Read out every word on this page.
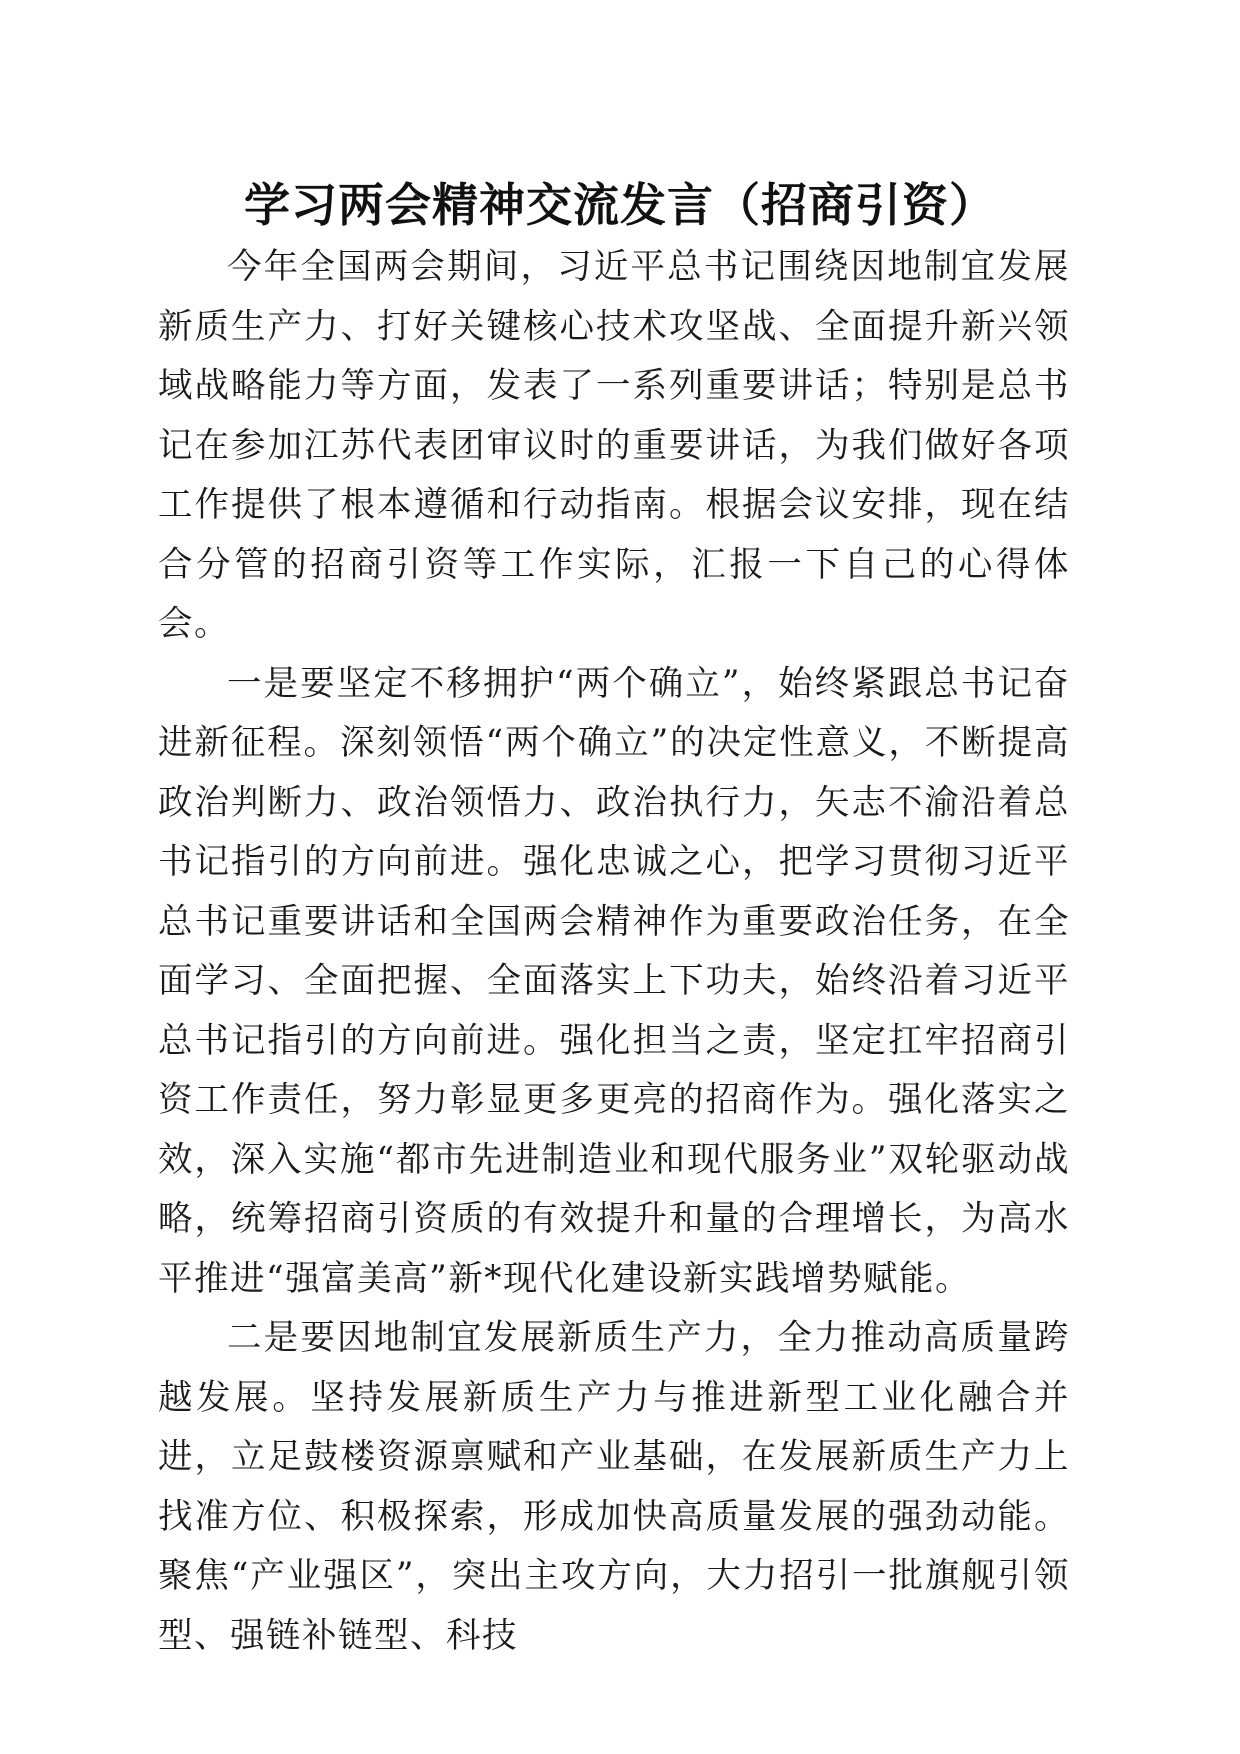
学习两会精神交流发言（招商引资）

今年全国两会期间，习近平总书记围绕因地制宜发展新质生产力、打好关键核心技术攻坚战、全面提升新兴领域战略能力等方面，发表了一系列重要讲话；特别是总书记在参加江苏代表团审议时的重要讲话，为我们做好各项工作提供了根本遵循和行动指南。根据会议安排，现在结合分管的招商引资等工作实际，汇报一下自己的心得体会。

一是要坚定不移拥护“两个确立”，始终紧跟总书记奋进新征程。深刻领悟“两个确立”的决定性意义，不断提高政治判断力、政治领悟力、政治执行力，矢志不渝沿着总书记指引的方向前进。强化忠诚之心，把学习贯彻习近平总书记重要讲话和全国两会精神作为重要政治任务，在全面学习、全面把握、全面落实上下功夫，始终沿着习近平总书记指引的方向前进。强化担当之责，坚定扛牢招商引资工作责任，努力彰显更多更亮的招商作为。强化落实之效，深入实施“都市先进制造业和现代服务业”双轮驱动战略，统筹招商引资质的有效提升和量的合理增长，为高水平推进“强富美高”新*现代化建设新实践增势赋能。

二是要因地制宜发展新质生产力，全力推动高质量跨越发展。坚持发展新质生产力与推进新型工业化融合并进，立足鼓楼资源禀赋和产业基础，在发展新质生产力上找准方位、积极探索，形成加快高质量发展的强劲动能。聚焦“产业强区”，突出主攻方向，大力招引一批旗舰引领型、强链补链型、科技
